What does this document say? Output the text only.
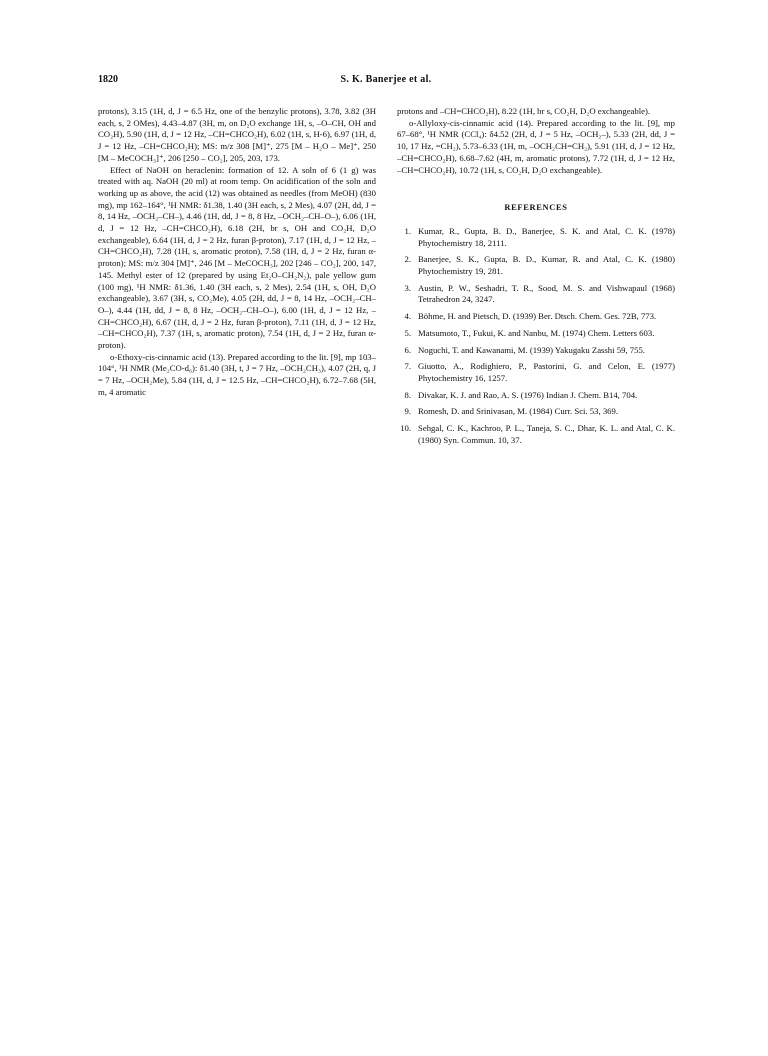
1820	S. K. Banerjee et al.

protons), 3.15 (1H, d, J = 6.5 Hz, one of the benzylic protons), 3.78, 3.82 (3H each, s, 2 OMes), 4.43–4.87 (3H, m, on D₂O exchange 1H, s, –O–CH, OH and CO₂H), 5.90 (1H, d, J = 12 Hz, –CH=CHCO₂H), 6.02 (1H, s, H-6), 6.97 (1H, d, J = 12 Hz, –CH=CHCO₂H); MS: m/z 308 [M]⁺, 275 [M – H₂O – Me]⁺, 250 [M – MeCOCH₃]⁺, 206 [250 – CO₂], 205, 203, 173.

Effect of NaOH on heraclenin: formation of 12. A soln of 6 (1 g) was treated with aq. NaOH (20 ml) at room temp. On acidification of the soln and working up as above, the acid (12) was obtained as needles (from MeOH) (830 mg), mp 162–164°, ¹H NMR: δ1.38, 1.40 (3H each, s, 2 Mes), 4.07 (2H, dd, J = 8, 14 Hz, –OCH₂–CH–), 4.46 (1H, dd, J = 8, 8 Hz, –OCH₂–CH–O–), 6.06 (1H, d, J = 12 Hz, –CH=CHCO₂H), 6.18 (2H, br s, OH and CO₂H, D₂O exchangeable), 6.64 (1H, d, J = 2 Hz, furan β-proton), 7.17 (1H, d, J = 12 Hz, –CH=CHCO₂H), 7.28 (1H, s, aromatic proton), 7.58 (1H, d, J = 2 Hz, furan α-proton); MS: m/z 304 [M]⁺, 246 [M – MeCOCH₃], 202 [246 – CO₂], 200, 147, 145. Methyl ester of 12 (prepared by using Et₂O–CH₂N₂), pale yellow gum (100 mg), ¹H NMR: δ1.36, 1.40 (3H each, s, 2 Mes), 2.54 (1H, s, OH, D₂O exchangeable), 3.67 (3H, s, CO₂Me), 4.05 (2H, dd, J = 8, 14 Hz, –OCH₂–CH–O–), 4.44 (1H, dd, J = 8, 8 Hz, –OCH₂–CH–O–), 6.00 (1H, d, J = 12 Hz, –CH=CHCO₂H), 6.67 (1H, d, J = 2 Hz, furan β-proton), 7.11 (1H, d, J = 12 Hz, –CH=CHCO₂H), 7.37 (1H, s, aromatic proton), 7.54 (1H, d, J = 2 Hz, furan α-proton).

o-Ethoxy-cis-cinnamic acid (13). Prepared according to the lit. [9], mp 103–104°, ¹H NMR (Me₂CO-d₆): δ1.40 (3H, t, J = 7 Hz, –OCH₂CH₃), 4.07 (2H, q, J = 7 Hz, –OCH₂Me), 5.84 (1H, d, J = 12.5 Hz, –CH=CHCO₂H), 6.72–7.68 (5H, m, 4 aromatic

protons and –CH=CHCO₂H), 8.22 (1H, br s, CO₂H, D₂O exchangeable).

o-Allyloxy-cis-cinnamic acid (14). Prepared according to the lit. [9], mp 67–68°, ¹H NMR (CCl₄): δ4.52 (2H, d, J = 5 Hz, –OCH₂–), 5.33 (2H, dd, J = 10, 17 Hz, =CH₂), 5.73–6.33 (1H, m, –OCH₂CH=CH₂), 5.91 (1H, d, J = 12 Hz, –CH=CHCO₂H), 6.68–7.62 (4H, m, aromatic protons), 7.72 (1H, d, J = 12 Hz, –CH=CHCO₂H), 10.72 (1H, s, CO₂H, D₂O exchangeable).

REFERENCES
1. Kumar, R., Gupta, B. D., Banerjee, S. K. and Atal, C. K. (1978) Phytochemistry 18, 2111.
2. Banerjee, S. K., Gupta, B. D., Kumar, R. and Atal, C. K. (1980) Phytochemistry 19, 281.
3. Austin, P. W., Seshadri, T. R., Sood, M. S. and Vishwapaul (1968) Tetrahedron 24, 3247.
4. Böhme, H. and Pietsch, D. (1939) Ber. Dtsch. Chem. Ges. 72B, 773.
5. Matsumoto, T., Fukui, K. and Nanbu, M. (1974) Chem. Letters 603.
6. Noguchi, T. and Kawanami, M. (1939) Yakugaku Zasshi 59, 755.
7. Giuotto, A., Rodighiero, P., Pastorini, G. and Celon, E. (1977) Phytochemistry 16, 1257.
8. Divakar, K. J. and Rao, A. S. (1976) Indian J. Chem. B14, 704.
9. Romesh, D. and Srinivasan, M. (1984) Curr. Sci. 53, 369.
10. Sehgal, C. K., Kachroo, P. L., Taneja, S. C., Dhar, K. L. and Atal, C. K. (1980) Syn. Commun. 10, 37.
